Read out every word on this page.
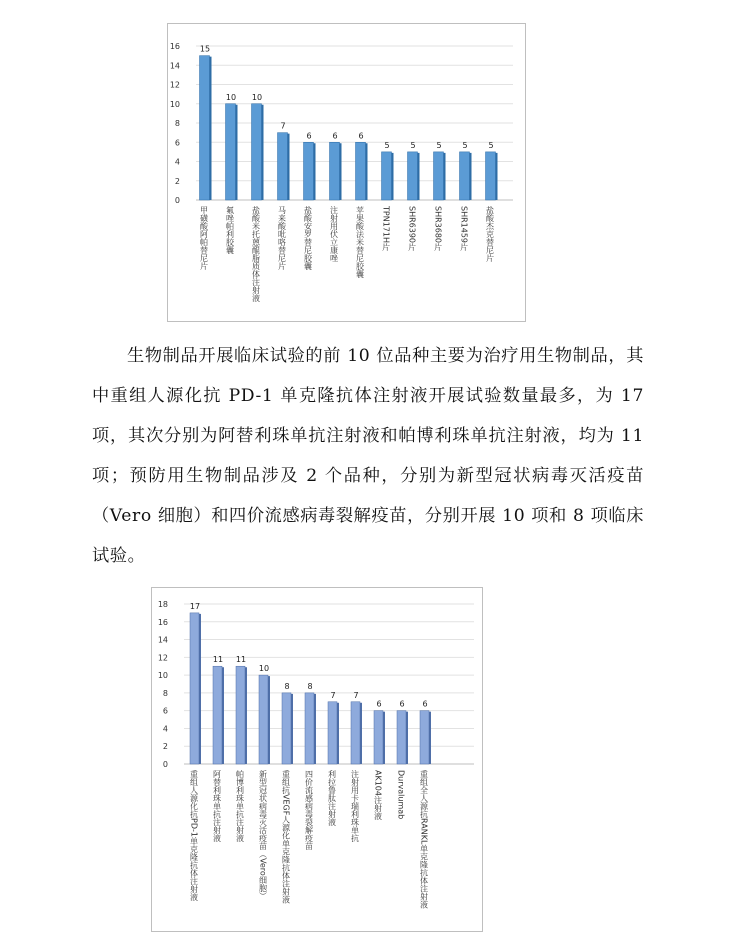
0
2
4
6
8
10
12
14
16 15
甲磺酸阿帕替尼片
10
氟唑帕利胶囊
10
盐酸米托蒽醌脂质体注射液
7
马来酸吡咯替尼片
6
盐酸安罗替尼胶囊
6
注射用伏立康唑
6
苹果酸法米替尼胶囊
5
TPN171H片
5
SHR6390片
5
SHR3680片
5
SHR1459片
5
盐酸杰克替尼片

生物制品开展临床试验的前 10 位品种主要为治疗用生物制品，其中重组人源化抗 PD-1 单克隆抗体注射液开展试验数量最多，为 17 项，其次分别为阿替利珠单抗注射液和帕博利珠单抗注射液，均为 11 项；预防用生物制品涉及 2 个品种，分别为新型冠状病毒灭活疫苗（Vero 细胞）和四价流感病毒裂解疫苗，分别开展 10 项和 8 项临床试验。

0
2
4
6
8
10
12
14
16
18	17
重组人源化抗PD-1单克隆抗体注射液
11
阿替利珠单抗注射液
11
帕博利珠单抗注射液
10
新型冠状病毒灭活疫苗（Vero细胞）
8
重组抗VEGF人源化单克隆抗体注射液
8
四价流感病毒裂解疫苗
7
利拉鲁肽注射液
7
注射用卡瑞利珠单抗
6
AK104注射液
6
Durvalumab
6
重组全人源抗RANKL单克隆抗体注射液
